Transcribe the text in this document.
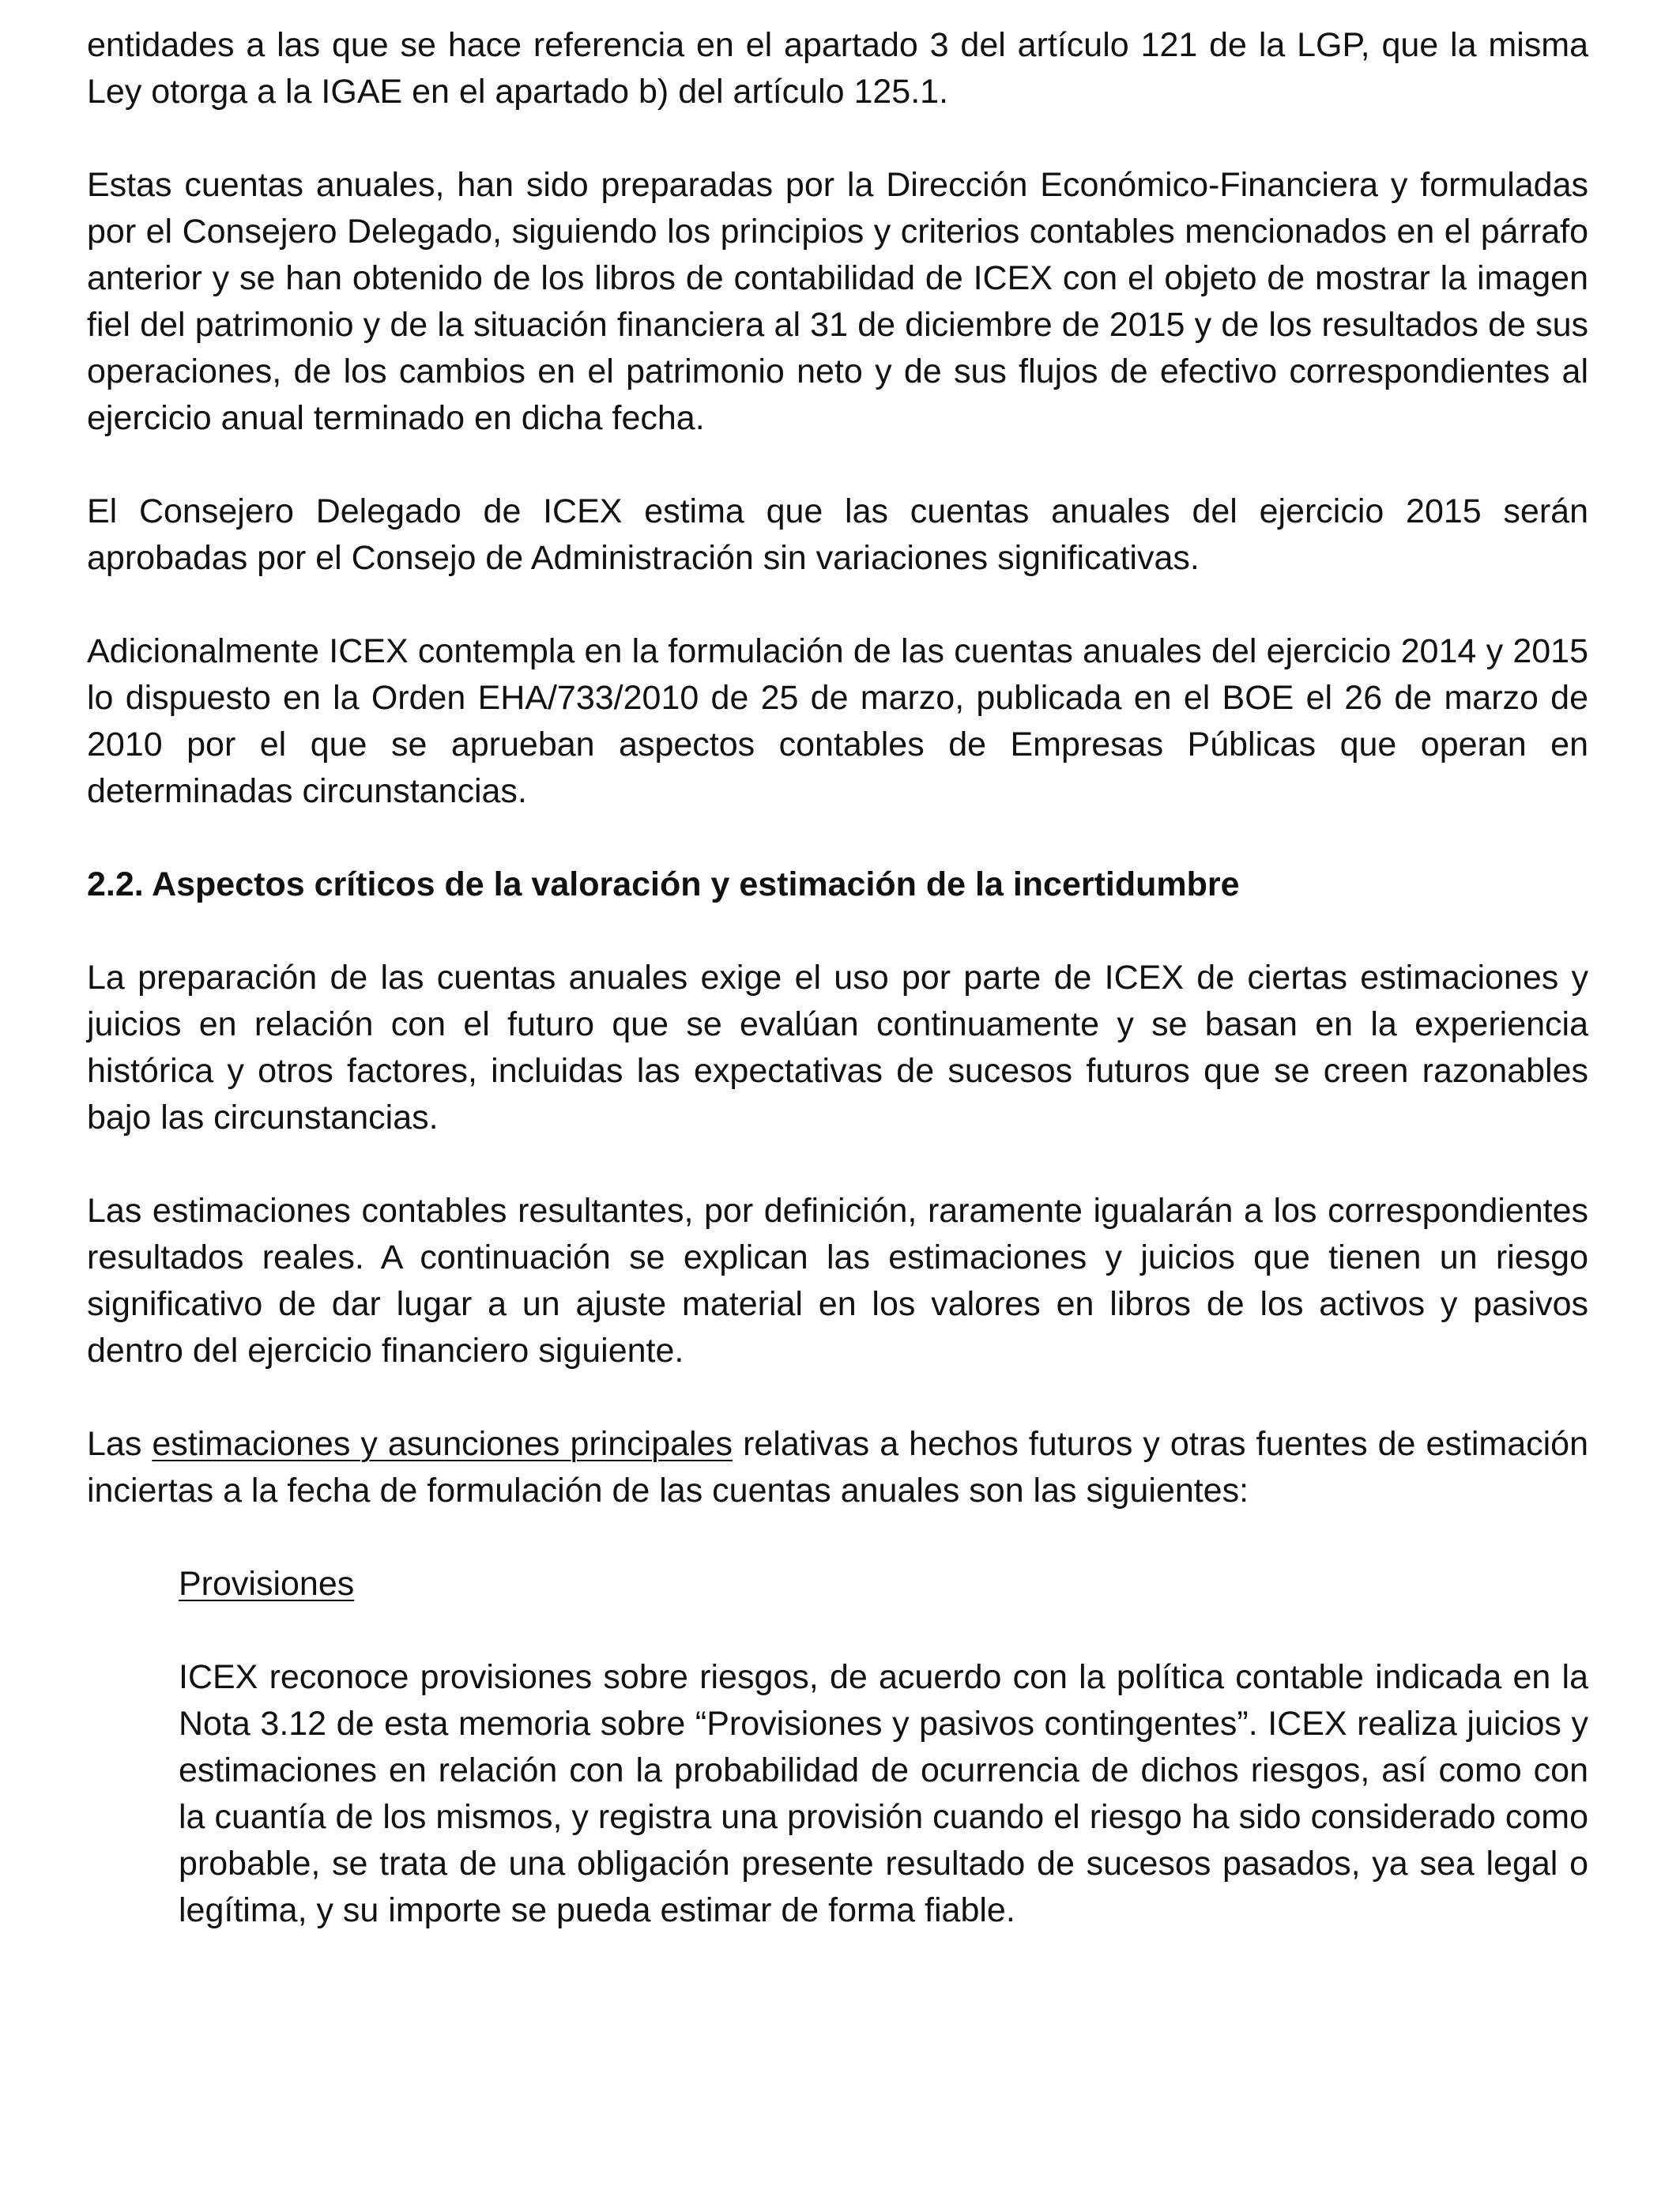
entidades a las que se hace referencia en el apartado 3 del artículo 121 de la LGP, que la misma Ley otorga a la IGAE en el apartado b) del artículo 125.1.

Estas cuentas anuales, han sido preparadas por la Dirección Económico-Financiera y formuladas por el Consejero Delegado, siguiendo los principios y criterios contables mencionados en el párrafo anterior y se han obtenido de los libros de contabilidad de ICEX con el objeto de mostrar la imagen fiel del patrimonio y de la situación financiera al 31 de diciembre de 2015 y de los resultados de sus operaciones, de los cambios en el patrimonio neto y de sus flujos de efectivo correspondientes al ejercicio anual terminado en dicha fecha.

El Consejero Delegado de ICEX estima que las cuentas anuales del ejercicio 2015 serán aprobadas por el Consejo de Administración sin variaciones significativas.

Adicionalmente ICEX contempla en la formulación de las cuentas anuales del ejercicio 2014 y 2015 lo dispuesto en la Orden EHA/733/2010 de 25 de marzo, publicada en el BOE el 26 de marzo de 2010 por el que se aprueban aspectos contables de Empresas Públicas que operan en determinadas circunstancias.

2.2. Aspectos críticos de la valoración y estimación de la incertidumbre

La preparación de las cuentas anuales exige el uso por parte de ICEX de ciertas estimaciones y juicios en relación con el futuro que se evalúan continuamente y se basan en la experiencia histórica y otros factores, incluidas las expectativas de sucesos futuros que se creen razonables bajo las circunstancias.

Las estimaciones contables resultantes, por definición, raramente igualarán a los correspondientes resultados reales. A continuación se explican las estimaciones y juicios que tienen un riesgo significativo de dar lugar a un ajuste material en los valores en libros de los activos y pasivos dentro del ejercicio financiero siguiente.

Las estimaciones y asunciones principales relativas a hechos futuros y otras fuentes de estimación inciertas a la fecha de formulación de las cuentas anuales son las siguientes:

Provisiones

ICEX reconoce provisiones sobre riesgos, de acuerdo con la política contable indicada en la Nota 3.12 de esta memoria sobre “Provisiones y pasivos contingentes”. ICEX realiza juicios y estimaciones en relación con la probabilidad de ocurrencia de dichos riesgos, así como con la cuantía de los mismos, y registra una provisión cuando el riesgo ha sido considerado como probable, se trata de una obligación presente resultado de sucesos pasados, ya sea legal o legítima, y su importe se pueda estimar de forma fiable.
